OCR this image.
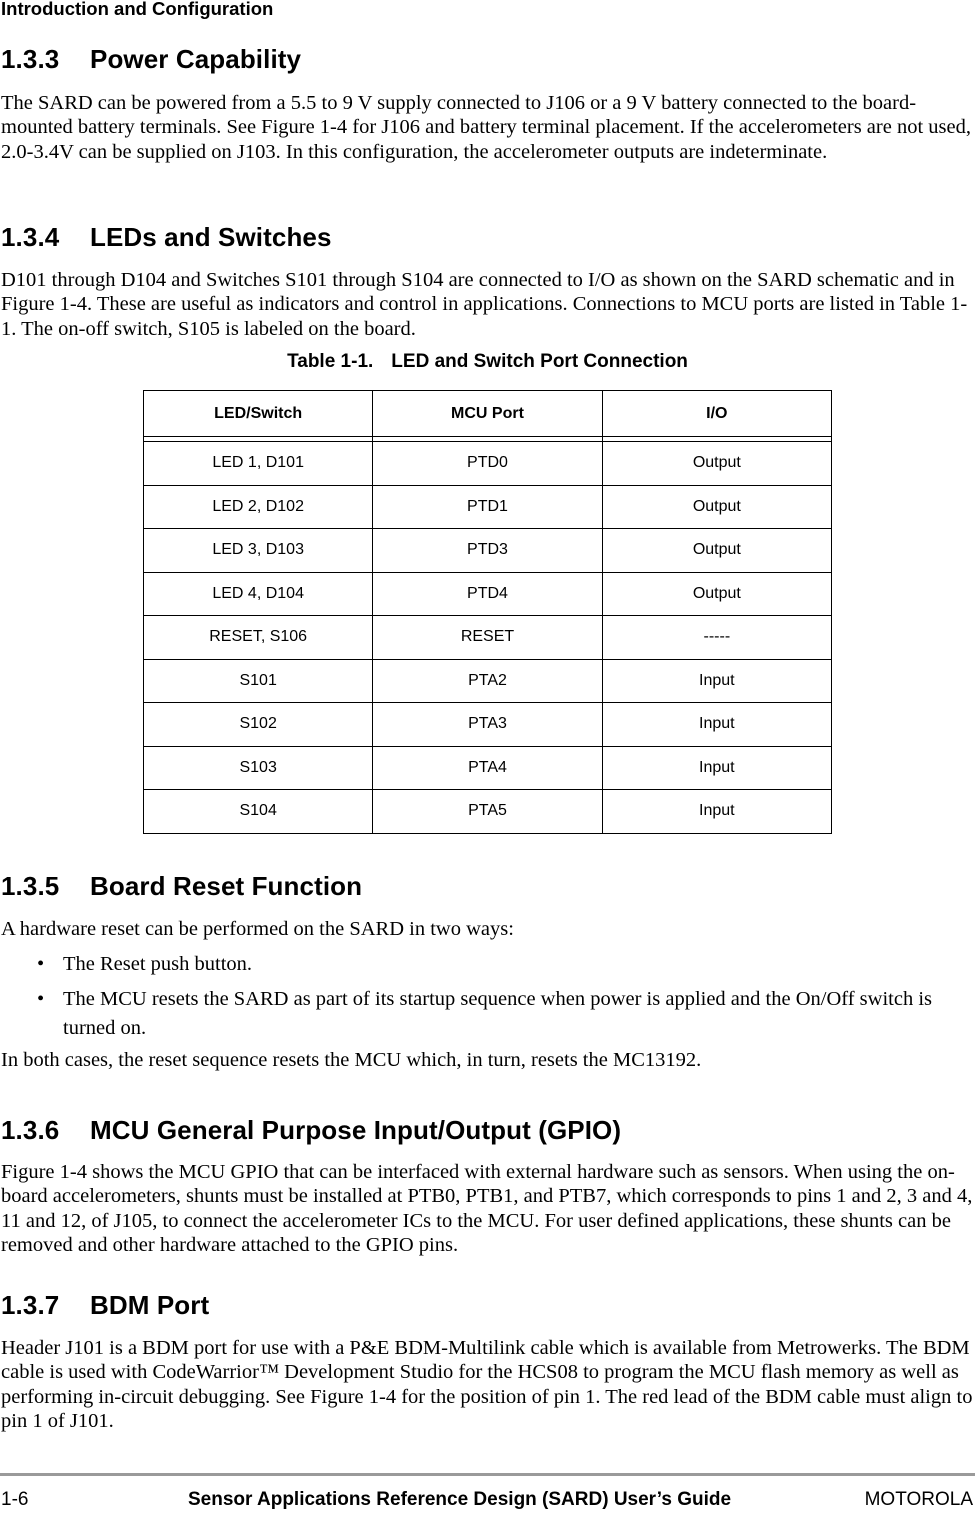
Introduction and Configuration
1.3.3 Power Capability

The SARD can be powered from a 5.5 to 9 V supply connected to J106 or a 9 V battery connected to the board-mounted battery terminals. See Figure 1-4 for J106 and battery terminal placement. If the accelerometers are not used, 2.0-3.4V can be supplied on J103. In this configuration, the accelerometer outputs are indeterminate.

1.3.4 LEDs and Switches

D101 through D104 and Switches S101 through S104 are connected to I/O as shown on the SARD schematic and in Figure 1-4. These are useful as indicators and control in applications. Connections to MCU ports are listed in Table 1-1. The on-off switch, S105 is labeled on the board.

Table 1-1. LED and Switch Port Connection
LED/Switch	MCU Port	I/O

LED 1, D101	PTD0	Output
LED 2, D102	PTD1	Output
LED 3, D103	PTD3	Output
LED 4, D104	PTD4	Output
RESET, S106	RESET	-----
S101	PTA2	Input
S102	PTA3	Input
S103	PTA4	Input
S104	PTA5	Input
1.3.5 Board Reset Function

A hardware reset can be performed on the SARD in two ways:

• The Reset push button.
• The MCU resets the SARD as part of its startup sequence when power is applied and the On/Off switch is turned on.

In both cases, the reset sequence resets the MCU which, in turn, resets the MC13192.

1.3.6 MCU General Purpose Input/Output (GPIO)

Figure 1-4 shows the MCU GPIO that can be interfaced with external hardware such as sensors. When using the on-board accelerometers, shunts must be installed at PTB0, PTB1, and PTB7, which corresponds to pins 1 and 2, 3 and 4, 11 and 12, of J105, to connect the accelerometer ICs to the MCU. For user defined applications, these shunts can be removed and other hardware attached to the GPIO pins.

1.3.7 BDM Port

Header J101 is a BDM port for use with a P&E BDM-Multilink cable which is available from Metrowerks. The BDM cable is used with CodeWarrior™ Development Studio for the HCS08 to program the MCU flash memory as well as performing in-circuit debugging. See Figure 1-4 for the position of pin 1. The red lead of the BDM cable must align to pin 1 of J101.

1-6	Sensor Applications Reference Design (SARD) User’s Guide	MOTOROLA
